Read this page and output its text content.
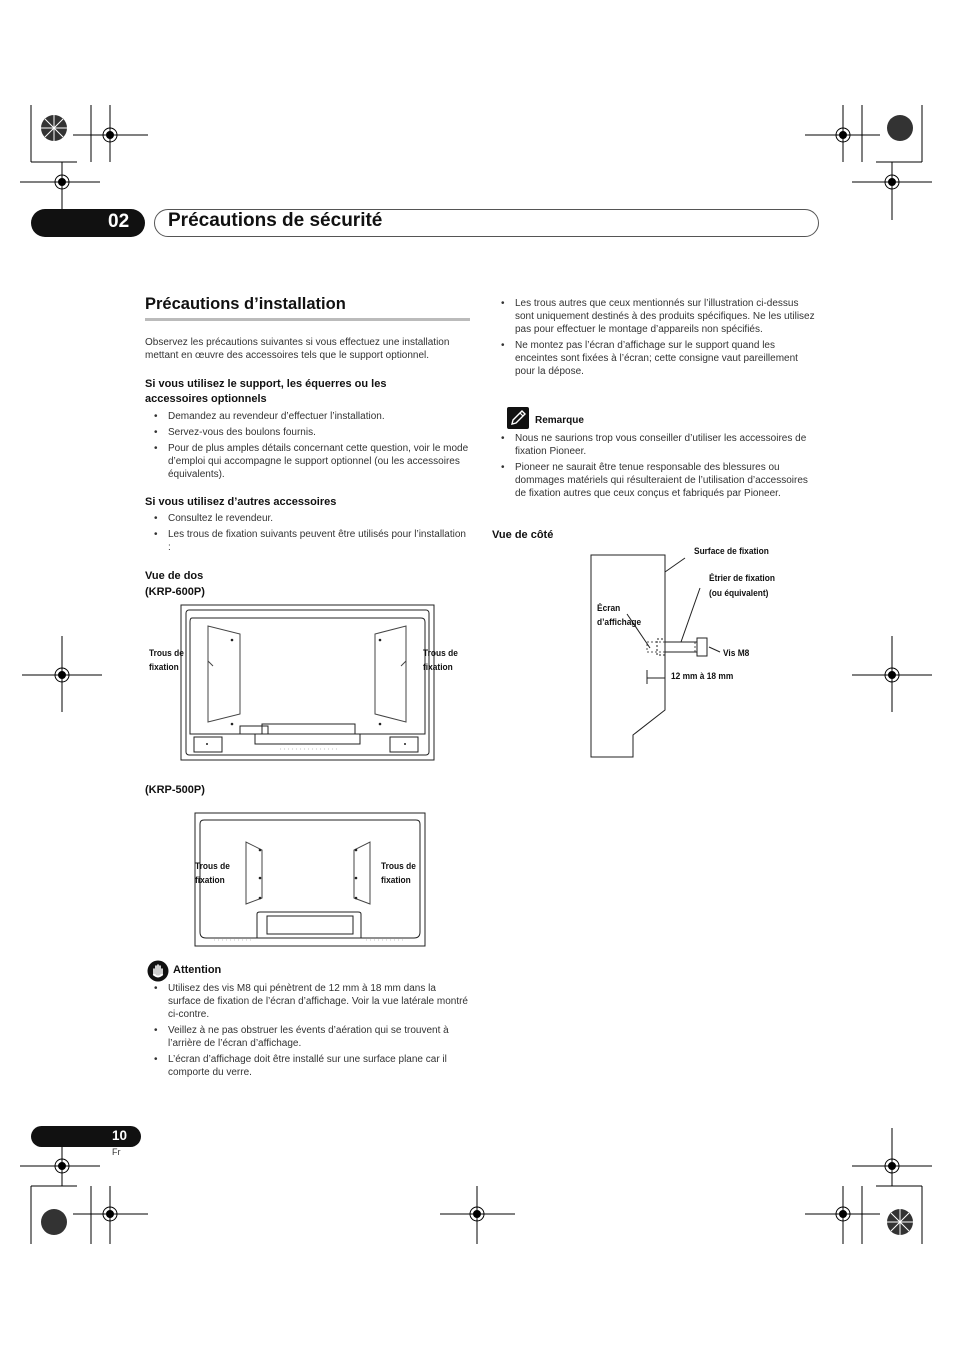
02 Précautions de sécurité
Précautions d’installation
Observez les précautions suivantes si vous effectuez une installation mettant en œuvre des accessoires tels que le support optionnel.
Si vous utilisez le support, les équerres ou les accessoires optionnels
• Demandez au revendeur d’effectuer l’installation.
• Servez-vous des boulons fournis.
• Pour de plus amples détails concernant cette question, voir le mode d’emploi qui accompagne le support optionnel (ou les accessoires équivalents).
Si vous utilisez d’autres accessoires
• Consultez le revendeur.
• Les trous de fixation suivants peuvent être utilisés pour l’installation :
Vue de dos
(KRP-600P)
Trous de
fixation
Trous de
fixation
(KRP-500P)
Trous de
fixation
Trous de
fixation
Attention
• Utilisez des vis M8 qui pénètrent de 12 mm à 18 mm dans la surface de fixation de l’écran d’affichage. Voir la vue latérale montré ci-contre.
• Veillez à ne pas obstruer les évents d’aération qui se trouvent à l’arrière de l’écran d’affichage.
• L’écran d’affichage doit être installé sur une surface plane car il comporte du verre.
• Les trous autres que ceux mentionnés sur l’illustration ci-dessus sont uniquement destinés à des produits spécifiques. Ne les utilisez pas pour effectuer le montage d’appareils non spécifiés.
• Ne montez pas l’écran d’affichage sur le support quand les enceintes sont fixées à l’écran; cette consigne vaut pareillement pour la dépose.
Remarque
• Nous ne saurions trop vous conseiller d’utiliser les accessoires de fixation Pioneer.
• Pioneer ne saurait être tenue responsable des blessures ou dommages matériels qui résulteraient de l’utilisation d’accessoires de fixation autres que ceux conçus et fabriqués par Pioneer.
Vue de côté
Surface de fixation
Étrier de fixation
(ou équivalent)
Écran
d’affichage
Vis M8
12 mm à 18 mm
10
Fr
